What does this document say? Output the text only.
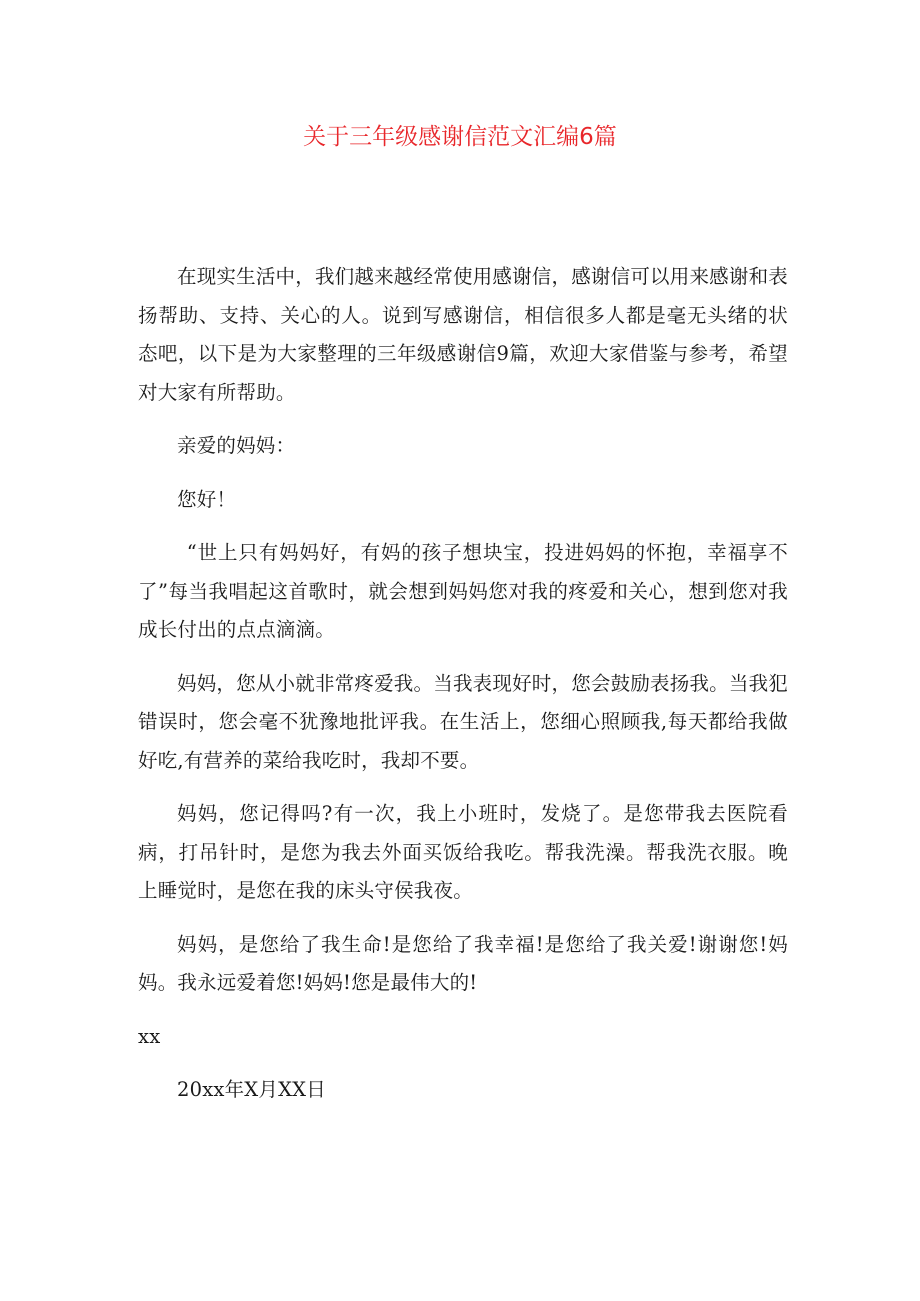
关于三年级感谢信范文汇编6篇

在现实生活中，我们越来越经常使用感谢信，感谢信可以用来感谢和表扬帮助、支持、关心的人。说到写感谢信，相信很多人都是毫无头绪的状态吧，以下是为大家整理的三年级感谢信9篇，欢迎大家借鉴与参考，希望对大家有所帮助。

亲爱的妈妈：

您好！

“世上只有妈妈好，有妈的孩子想块宝，投进妈妈的怀抱，幸福享不了”每当我唱起这首歌时，就会想到妈妈您对我的疼爱和关心，想到您对我成长付出的点点滴滴。

妈妈，您从小就非常疼爱我。当我表现好时，您会鼓励表扬我。当我犯错误时，您会毫不犹豫地批评我。在生活上，您细心照顾我,每天都给我做好吃,有营养的菜给我吃时，我却不要。

妈妈，您记得吗?有一次，我上小班时，发烧了。是您带我去医院看病，打吊针时，是您为我去外面买饭给我吃。帮我洗澡。帮我洗衣服。晚上睡觉时，是您在我的床头守侯我夜。

妈妈，是您给了我生命!是您给了我幸福!是您给了我关爱!谢谢您!妈妈。我永远爱着您!妈妈!您是最伟大的!

xx

20xx年X月XX日
